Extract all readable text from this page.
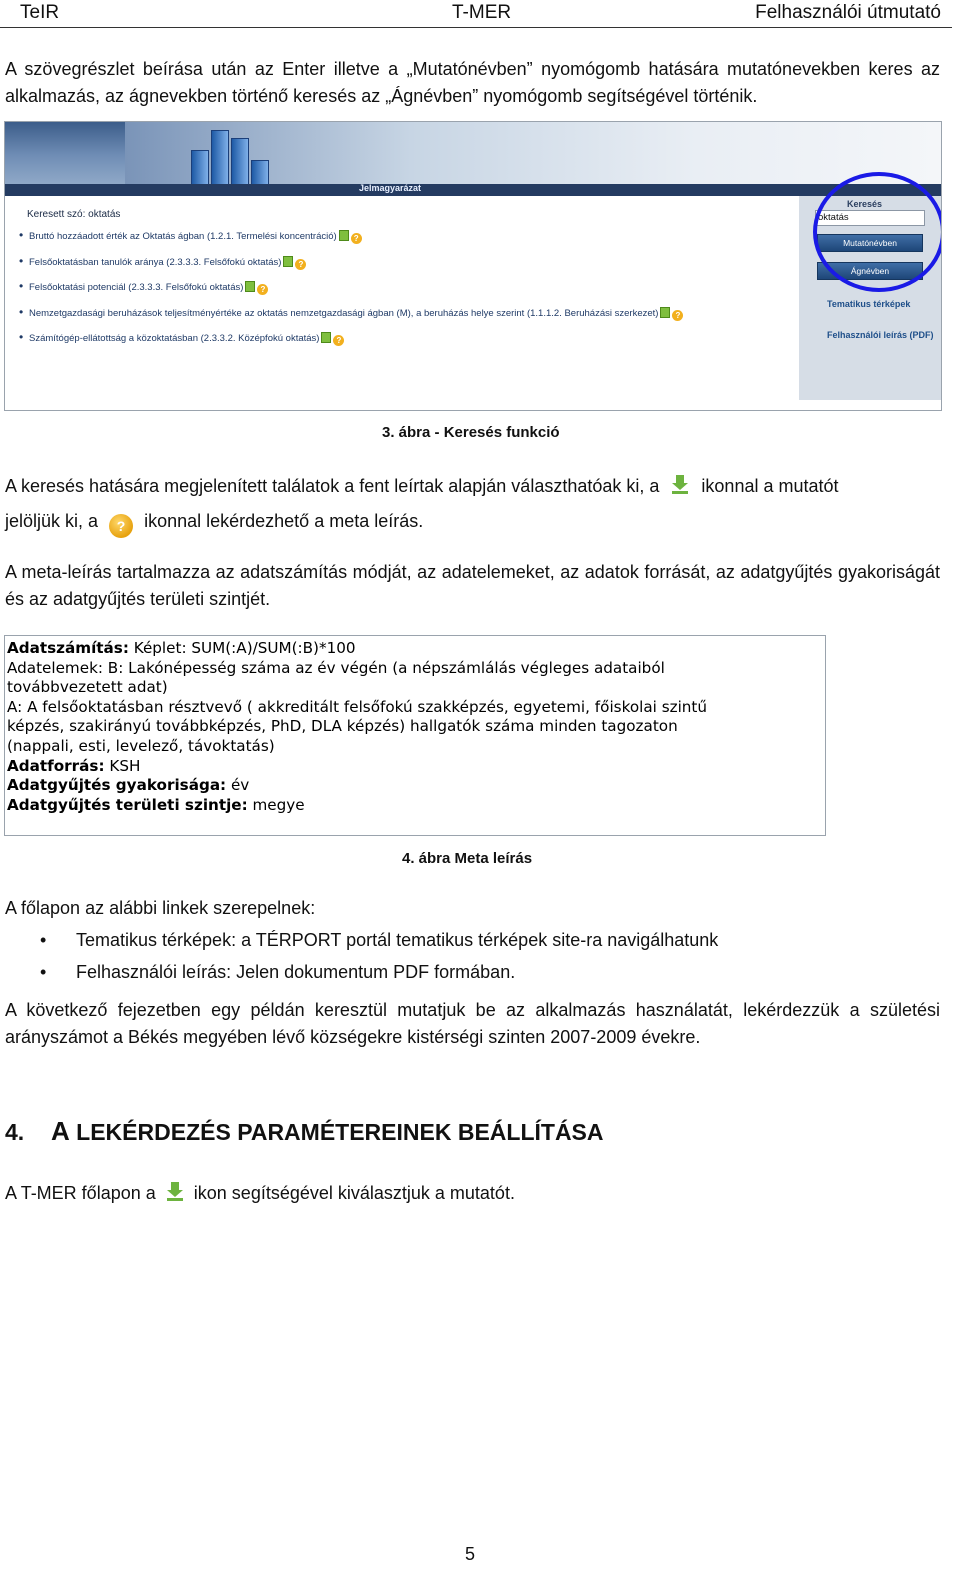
TeIR	T-MER	Felhasználói útmutató
A szövegrészlet beírása után az Enter illetve a „Mutatónévben” nyomógomb hatására mutatónevekben keres az alkalmazás, az ágnevekben történő keresés az „Ágnévben” nyomógomb segítségével történik.
Jelmagyarázat
Keresett szó: oktatás
• Bruttó hozzáadott érték az Oktatás ágban (1.2.1. Termelési koncentráció) ?
• Felsőoktatásban tanulók aránya (2.3.3.3. Felsőfokú oktatás) ?
• Felsőoktatási potenciál (2.3.3.3. Felsőfokú oktatás) ?
• Nemzetgazdasági beruházások teljesítményértéke az oktatás nemzetgazdasági ágban (M), a beruházás helye szerint (1.1.1.2. Beruházási szerkezet) ?
• Számítógép-ellátottság a közoktatásban (2.3.3.2. Középfokú oktatás) ?
Keresés
oktatás
Mutatónévben
Ágnévben
Tematikus térképek
Felhasználói leírás (PDF)
3. ábra - Keresés funkció
A keresés hatására megjelenített találatok a fent leírtak alapján választhatóak ki, a ikonnal a mutatót
jelöljük ki, a ? ikonnal lekérdezhető a meta leírás.
A meta-leírás tartalmazza az adatszámítás módját, az adatelemeket, az adatok forrását, az adatgyűjtés gyakoriságát és az adatgyűjtés területi szintjét.
Adatszámítás: Képlet: SUM(:A)/SUM(:B)*100
Adatelemek: B: Lakónépesség száma az év végén (a népszámlálás végleges adataiból
továbbvezetett adat)
A: A felsőoktatásban résztvevő ( akkreditált felsőfokú szakképzés, egyetemi, főiskolai szintű
képzés, szakirányú továbbképzés, PhD, DLA képzés) hallgatók száma minden tagozaton
(nappali, esti, levelező, távoktatás)
Adatforrás: KSH
Adatgyűjtés gyakorisága: év
Adatgyűjtés területi szintje: megye
4. ábra Meta leírás
A főlapon az alábbi linkek szerepelnek:
• Tematikus térképek: a TÉRPORT portál tematikus térképek site-ra navigálhatunk
• Felhasználói leírás: Jelen dokumentum PDF formában.
A következő fejezetben egy példán keresztül mutatjuk be az alkalmazás használatát, lekérdezzük a születési arányszámot a Békés megyében lévő községekre kistérségi szinten 2007-2009 évekre.
4. A LEKÉRDEZÉS PARAMÉTEREINEK BEÁLLÍTÁSA
A T-MER főlapon a ikon segítségével kiválasztjuk a mutatót.
5
